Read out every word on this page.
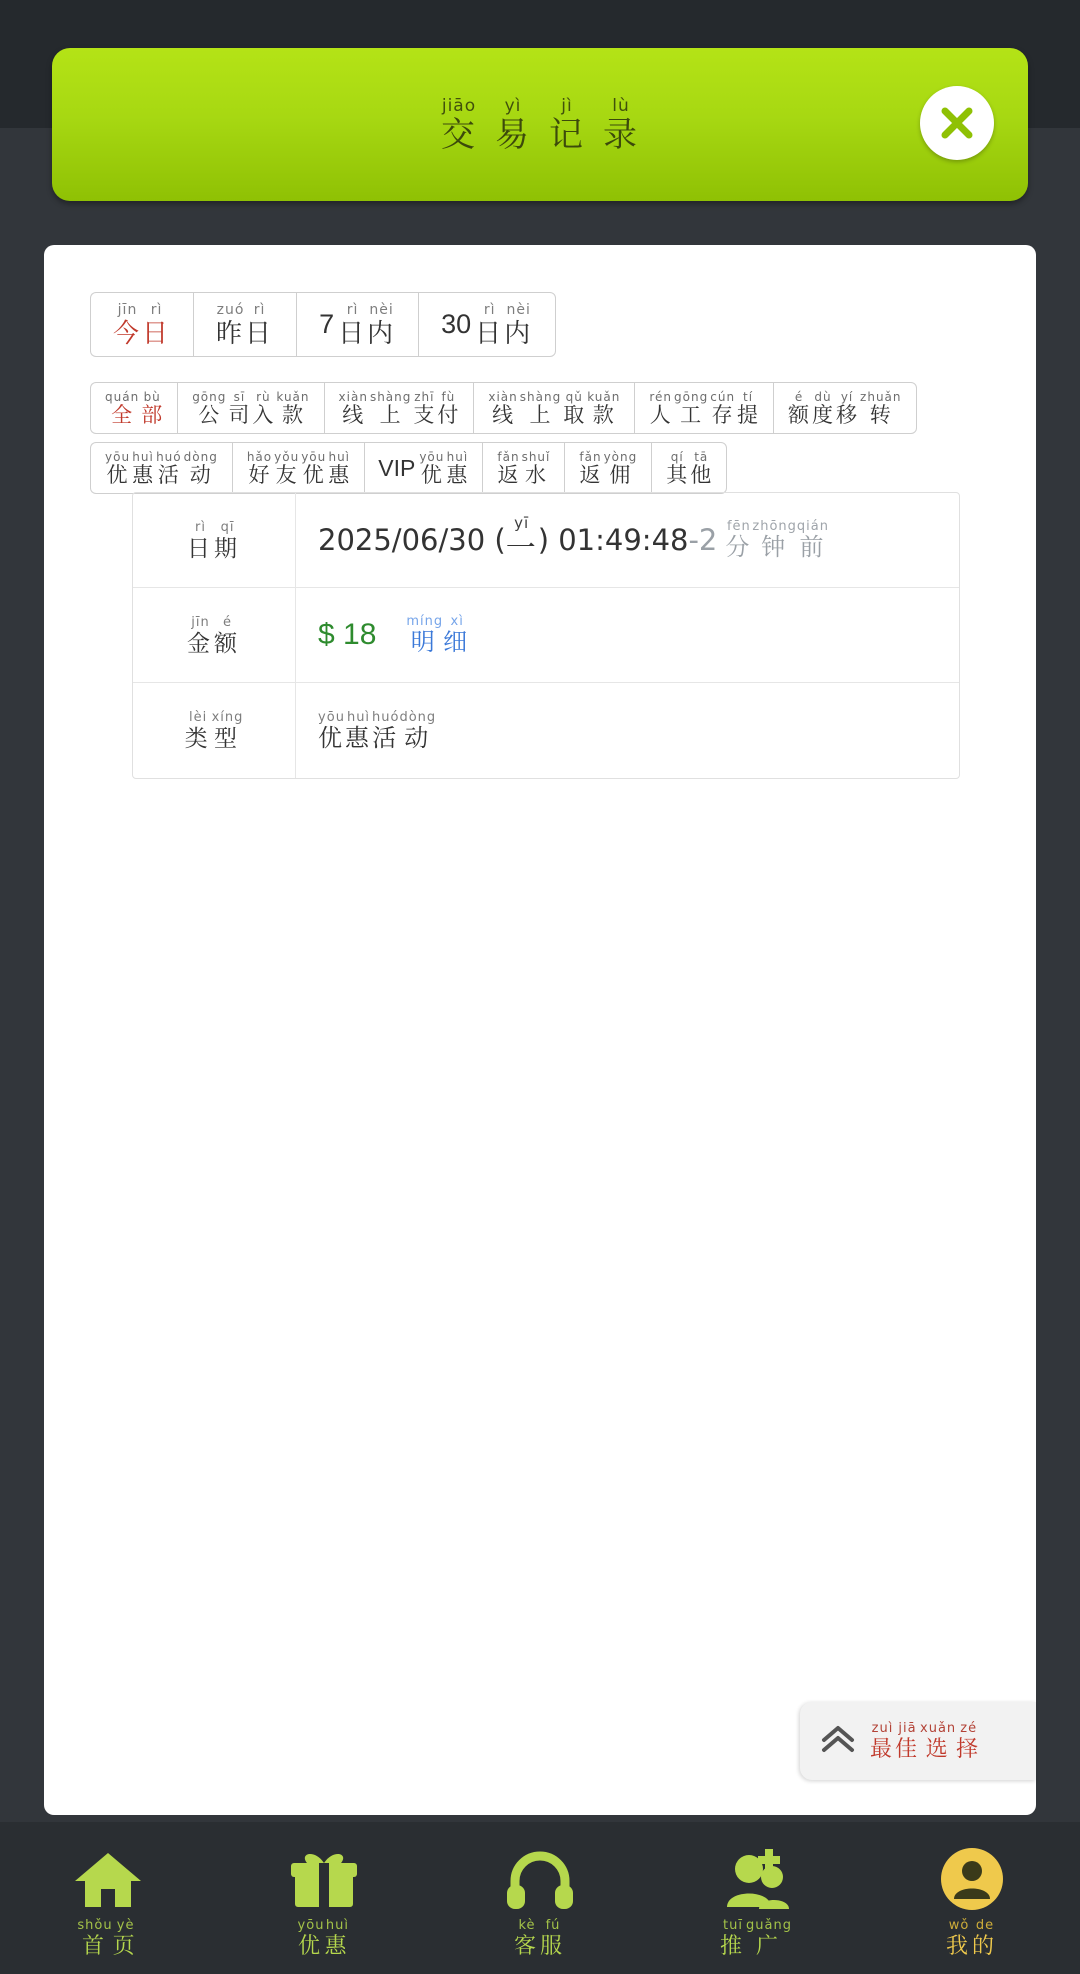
jiāo
交
yì
易
jì
记
lù
录
jīn
今
rì
日
zuó
昨
rì
日 7 rì
日
nèi
内 30 rì
日
nèi
内
quán
全
bù
部
gōng
公
sī
司
rù
入
kuǎn
款
xiàn
线
shàng
上
zhī
支
fù
付
xiàn
线
shàng
上
qǔ
取
kuǎn
款
rén
人
gōng
工
cún
存
tí
提
é
额
dù
度
yí
移
zhuǎn
转
yōu
优
huì
惠
huó
活
dòng
动
hǎo
好
yǒu
友
yōu
优
huì
惠 VIP yōu
优
huì
惠
fǎn
返
shuǐ
水
fǎn
返
yòng
佣
qí
其
tā
他
rì
日
qī
期	2025/06/30 ( yī
一 ) 01:49:48 -2 fēn
分
zhōng
钟
qián
前
jīn
金
é
额	$ 18 míng
明
xì
细
lèi
类
xíng
型
yōu
优
huì
惠
huó
活
dòng
动
zuì
最
jiā
佳
xuǎn
选
zé
择
shǒu
首
yè
页
yōu
优
huì
惠
kè
客
fú
服
tuī
推
guǎng
广
wǒ
我
de
的
